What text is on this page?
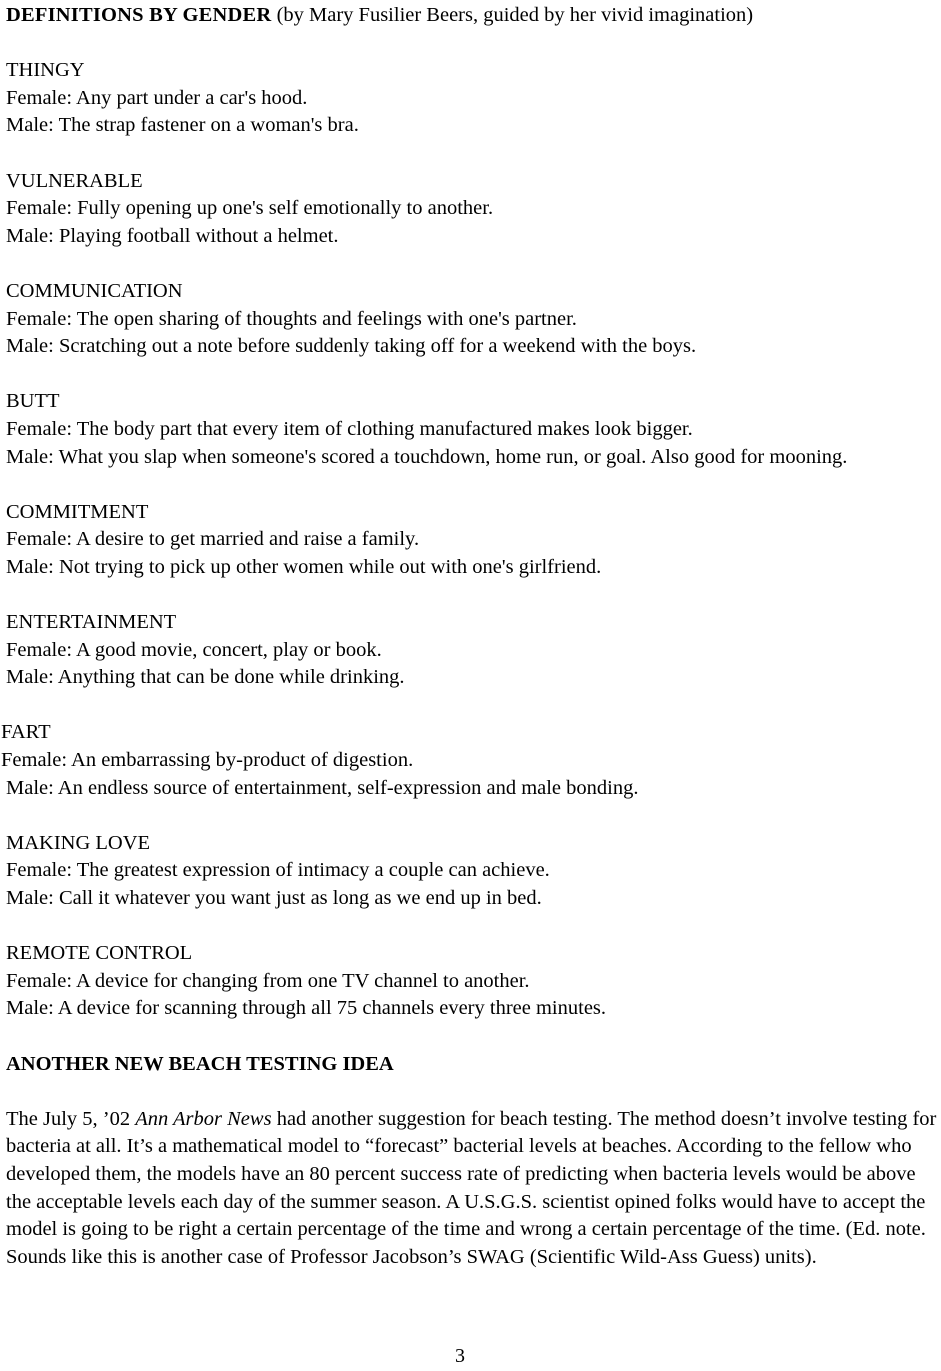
DEFINITIONS BY GENDER (by Mary Fusilier Beers, guided by her vivid imagination)
THINGY
Female: Any part under a car's hood.
Male: The strap fastener on a woman's bra.
VULNERABLE
Female: Fully opening up one's self emotionally to another.
Male: Playing football without a helmet.
COMMUNICATION
Female: The open sharing of thoughts and feelings with one's partner.
Male: Scratching out a note before suddenly taking off for a weekend with the boys.
BUTT
Female: The body part that every item of clothing manufactured makes look bigger.
Male: What you slap when someone's scored a touchdown, home run, or goal. Also good for mooning.
COMMITMENT
Female: A desire to get married and raise a family.
Male: Not trying to pick up other women while out with one's girlfriend.
ENTERTAINMENT
Female: A good movie, concert, play or book.
Male: Anything that can be done while drinking.
FART
Female: An embarrassing by-product of digestion.
Male: An endless source of entertainment, self-expression and male bonding.
MAKING LOVE
Female: The greatest expression of intimacy a couple can achieve.
Male: Call it whatever you want just as long as we end up in bed.
REMOTE CONTROL
Female: A device for changing from one TV channel to another.
Male: A device for scanning through all 75 channels every three minutes.
ANOTHER NEW BEACH TESTING IDEA
The July 5, ’02 Ann Arbor News had another suggestion for beach testing. The method doesn’t involve testing for bacteria at all. It’s a mathematical model to “forecast” bacterial levels at beaches. According to the fellow who developed them, the models have an 80 percent success rate of predicting when bacteria levels would be above the acceptable levels each day of the summer season. A U.S.G.S. scientist opined folks would have to accept the model is going to be right a certain percentage of the time and wrong a certain percentage of the time. (Ed. note. Sounds like this is another case of Professor Jacobson’s SWAG (Scientific Wild-Ass Guess) units).
3
